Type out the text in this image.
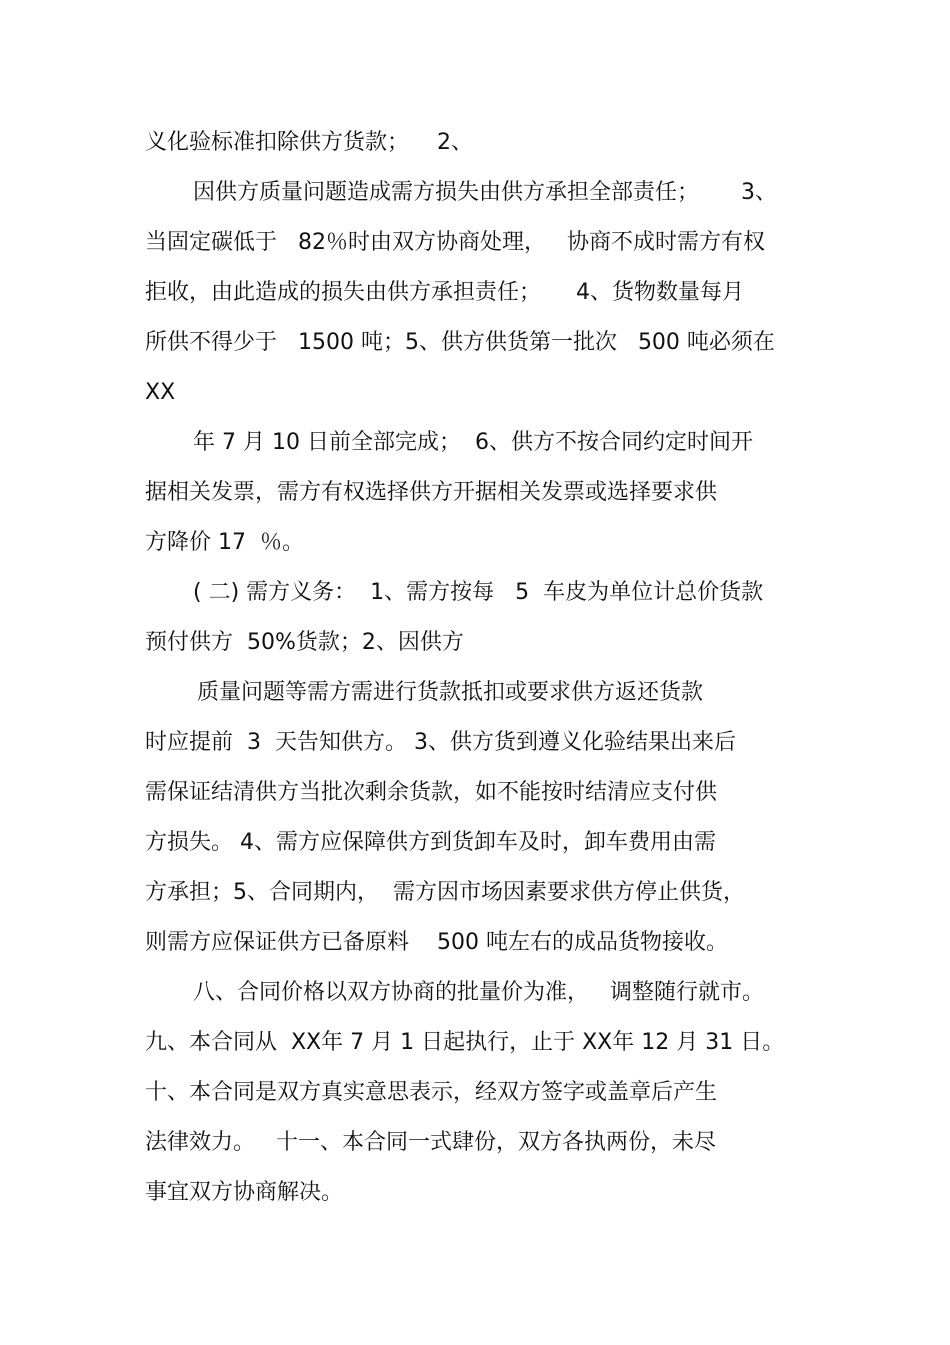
义化验标准扣除供方货款；    2、
因供方质量问题造成需方损失由供方承担全部责任；      3、
当固定碳低于   82％时由双方协商处理，   协商不成时需方有权
拒收，由此造成的损失由供方承担责任；     4、货物数量每月
所供不得少于   1500 吨；5、供方供货第一批次   500 吨必须在
XX
年 7 月 10 日前全部完成；  6、供方不按合同约定时间开
据相关发票，需方有权选择供方开据相关发票或选择要求供
方降价 17  ％。
( 二) 需方义务：  1、需方按每   5  车皮为单位计总价货款
预付供方  50%货款；2、因供方
质量问题等需方需进行货款抵扣或要求供方返还货款
时应提前  3  天告知供方。 3、供方货到遵义化验结果出来后
需保证结清供方当批次剩余货款，如不能按时结清应支付供
方损失。 4、需方应保障供方到货卸车及时，卸车费用由需
方承担；5、合同期内，  需方因市场因素要求供方停止供货，
则需方应保证供方已备原料    500 吨左右的成品货物接收。
八、合同价格以双方协商的批量价为准，   调整随行就市。
九、本合同从  XX年 7 月 1 日起执行，止于 XX年 12 月 31 日。
十、本合同是双方真实意思表示，经双方签字或盖章后产生
法律效力。   十一、本合同一式肆份，双方各执两份，未尽
事宜双方协商解决。
